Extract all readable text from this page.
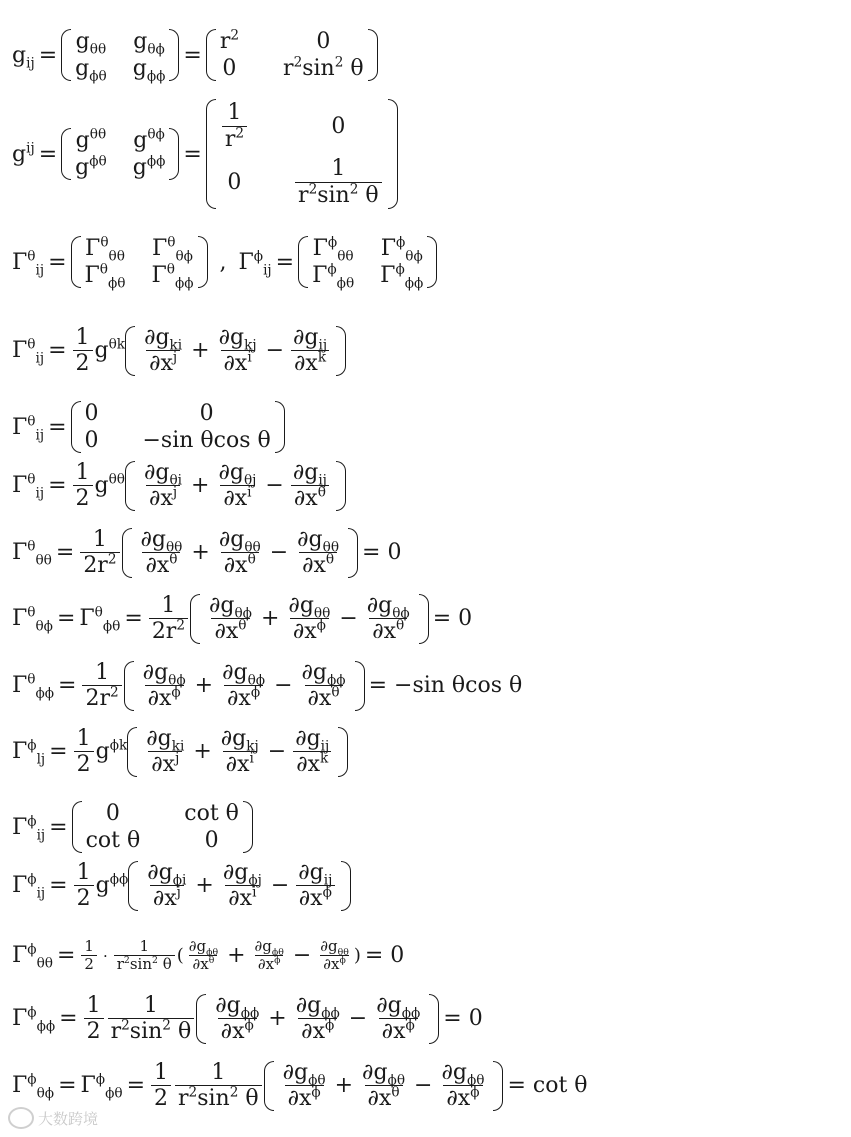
$g_{ij}$ =
$g_{\theta\theta}$ $g_{\theta\phi}$
$g_{\phi\theta}$ $g_{\phi\phi}$
=
$r^2$	0
0 $r^2\sin^2$ θ
$g^{ij}$ =
$g^{\theta\theta}$ $g^{\theta\phi}$
$g^{\phi\theta}$ $g^{\phi\phi}$ =
$\frac{1}{r^2}$	0
$0 \frac{1}{r^2\sin^2 \theta}$
$\Gamma^\theta_{ij}$ =
$\Gamma^\theta_{\theta\theta}$ $\Gamma^\theta_{\theta\phi}$
$\Gamma^\theta_{\phi\theta}$ $\Gamma^\theta_{\phi\phi}$
, $\Gamma^\phi_{ij}$ =
$\Gamma^\phi_{\theta\theta}$ $\Gamma^\phi_{\theta\phi}$
$\Gamma^\phi_{\phi\theta}$ $\Gamma^\phi_{\phi\phi}$
$\Gamma^\theta_{ij} = \frac{1}{2} g^{\theta k} \frac{\partial g_{ki}}{\partial x^j} + \frac{\partial g_{kj}}{\partial x^i} - \frac{\partial g_{ij}}{\partial x^k}$
$\Gamma^\theta_{ij}$ =
0	0
0 −sin θcos θ
$\Gamma^\theta_{ij} = \frac{1}{2} g^{\theta\theta} \frac{\partial g_{\theta i}}{\partial x^j} + \frac{\partial g_{\theta j}}{\partial x^i} - \frac{\partial g_{ij}}{\partial x^\theta}$
$\Gamma^\theta_{\theta\theta} = \frac{1}{2r^2} \frac{\partial g_{\theta\theta}}{\partial x^\theta} + \frac{\partial g_{\theta\theta}}{\partial x^\theta} - \frac{\partial g_{\theta\theta}}{\partial x^\theta} = 0$
$\Gamma^\theta_{\theta\phi} = \Gamma^\theta_{\phi\theta} = \frac{1}{2r^2} \frac{\partial g_{\theta\phi}}{\partial x^\theta} + \frac{\partial g_{\theta\theta}}{\partial x^\phi} - \frac{\partial g_{\theta\phi}}{\partial x^\theta} = 0$
$\Gamma^\theta_{\phi\phi} = \frac{1}{2r^2} \frac{\partial g_{\theta\phi}}{\partial x^\phi} + \frac{\partial g_{\theta\phi}}{\partial x^\phi} - \frac{\partial g_{\phi\phi}}{\partial x^\theta} = -\sin$ θcos θ
$\Gamma^\phi_{lj} = \frac{1}{2} g^{\phi k} \frac{\partial g_{ki}}{\partial x^j} + \frac{\partial g_{kj}}{\partial x^i} - \frac{\partial g_{ij}}{\partial x^k}$
$\Gamma^\phi_{ij}$ =
0	cot θ
cot θ	0
$\Gamma^\phi_{ij} = \frac{1}{2} g^{\phi\phi} \frac{\partial g_{\phi i}}{\partial x^j} + \frac{\partial g_{\phi j}}{\partial x^i} - \frac{\partial g_{ij}}{\partial x^\phi}$
$\Gamma^\phi_{\theta\theta} = \frac{1}{2} \cdot \frac{1}{r^2\sin^2 \theta}$ ( $\frac{\partial g_{\phi\theta}}{\partial x^\theta} + \frac{\partial g_{\phi\theta}}{\partial x^\phi} - \frac{\partial g_{\theta\theta}}{\partial x^\phi}$ ) = 0
$\Gamma^\phi_{\phi\phi} = \frac{1}{2} \frac{1}{r^2\sin^2 \theta} \frac{\partial g_{\phi\phi}}{\partial x^\phi} + \frac{\partial g_{\phi\phi}}{\partial x^\phi} - \frac{\partial g_{\phi\phi}}{\partial x^\phi} = 0$
$\Gamma^\phi_{\theta\phi} = \Gamma^\phi_{\phi\theta} = \frac{1}{2} \frac{1}{r^2\sin^2 \theta} \frac{\partial g_{\phi\theta}}{\partial x^\phi} + \frac{\partial g_{\phi\theta}}{\partial x^\theta} - \frac{\partial g_{\phi\theta}}{\partial x^\phi} = \cot \theta$
大数跨境
